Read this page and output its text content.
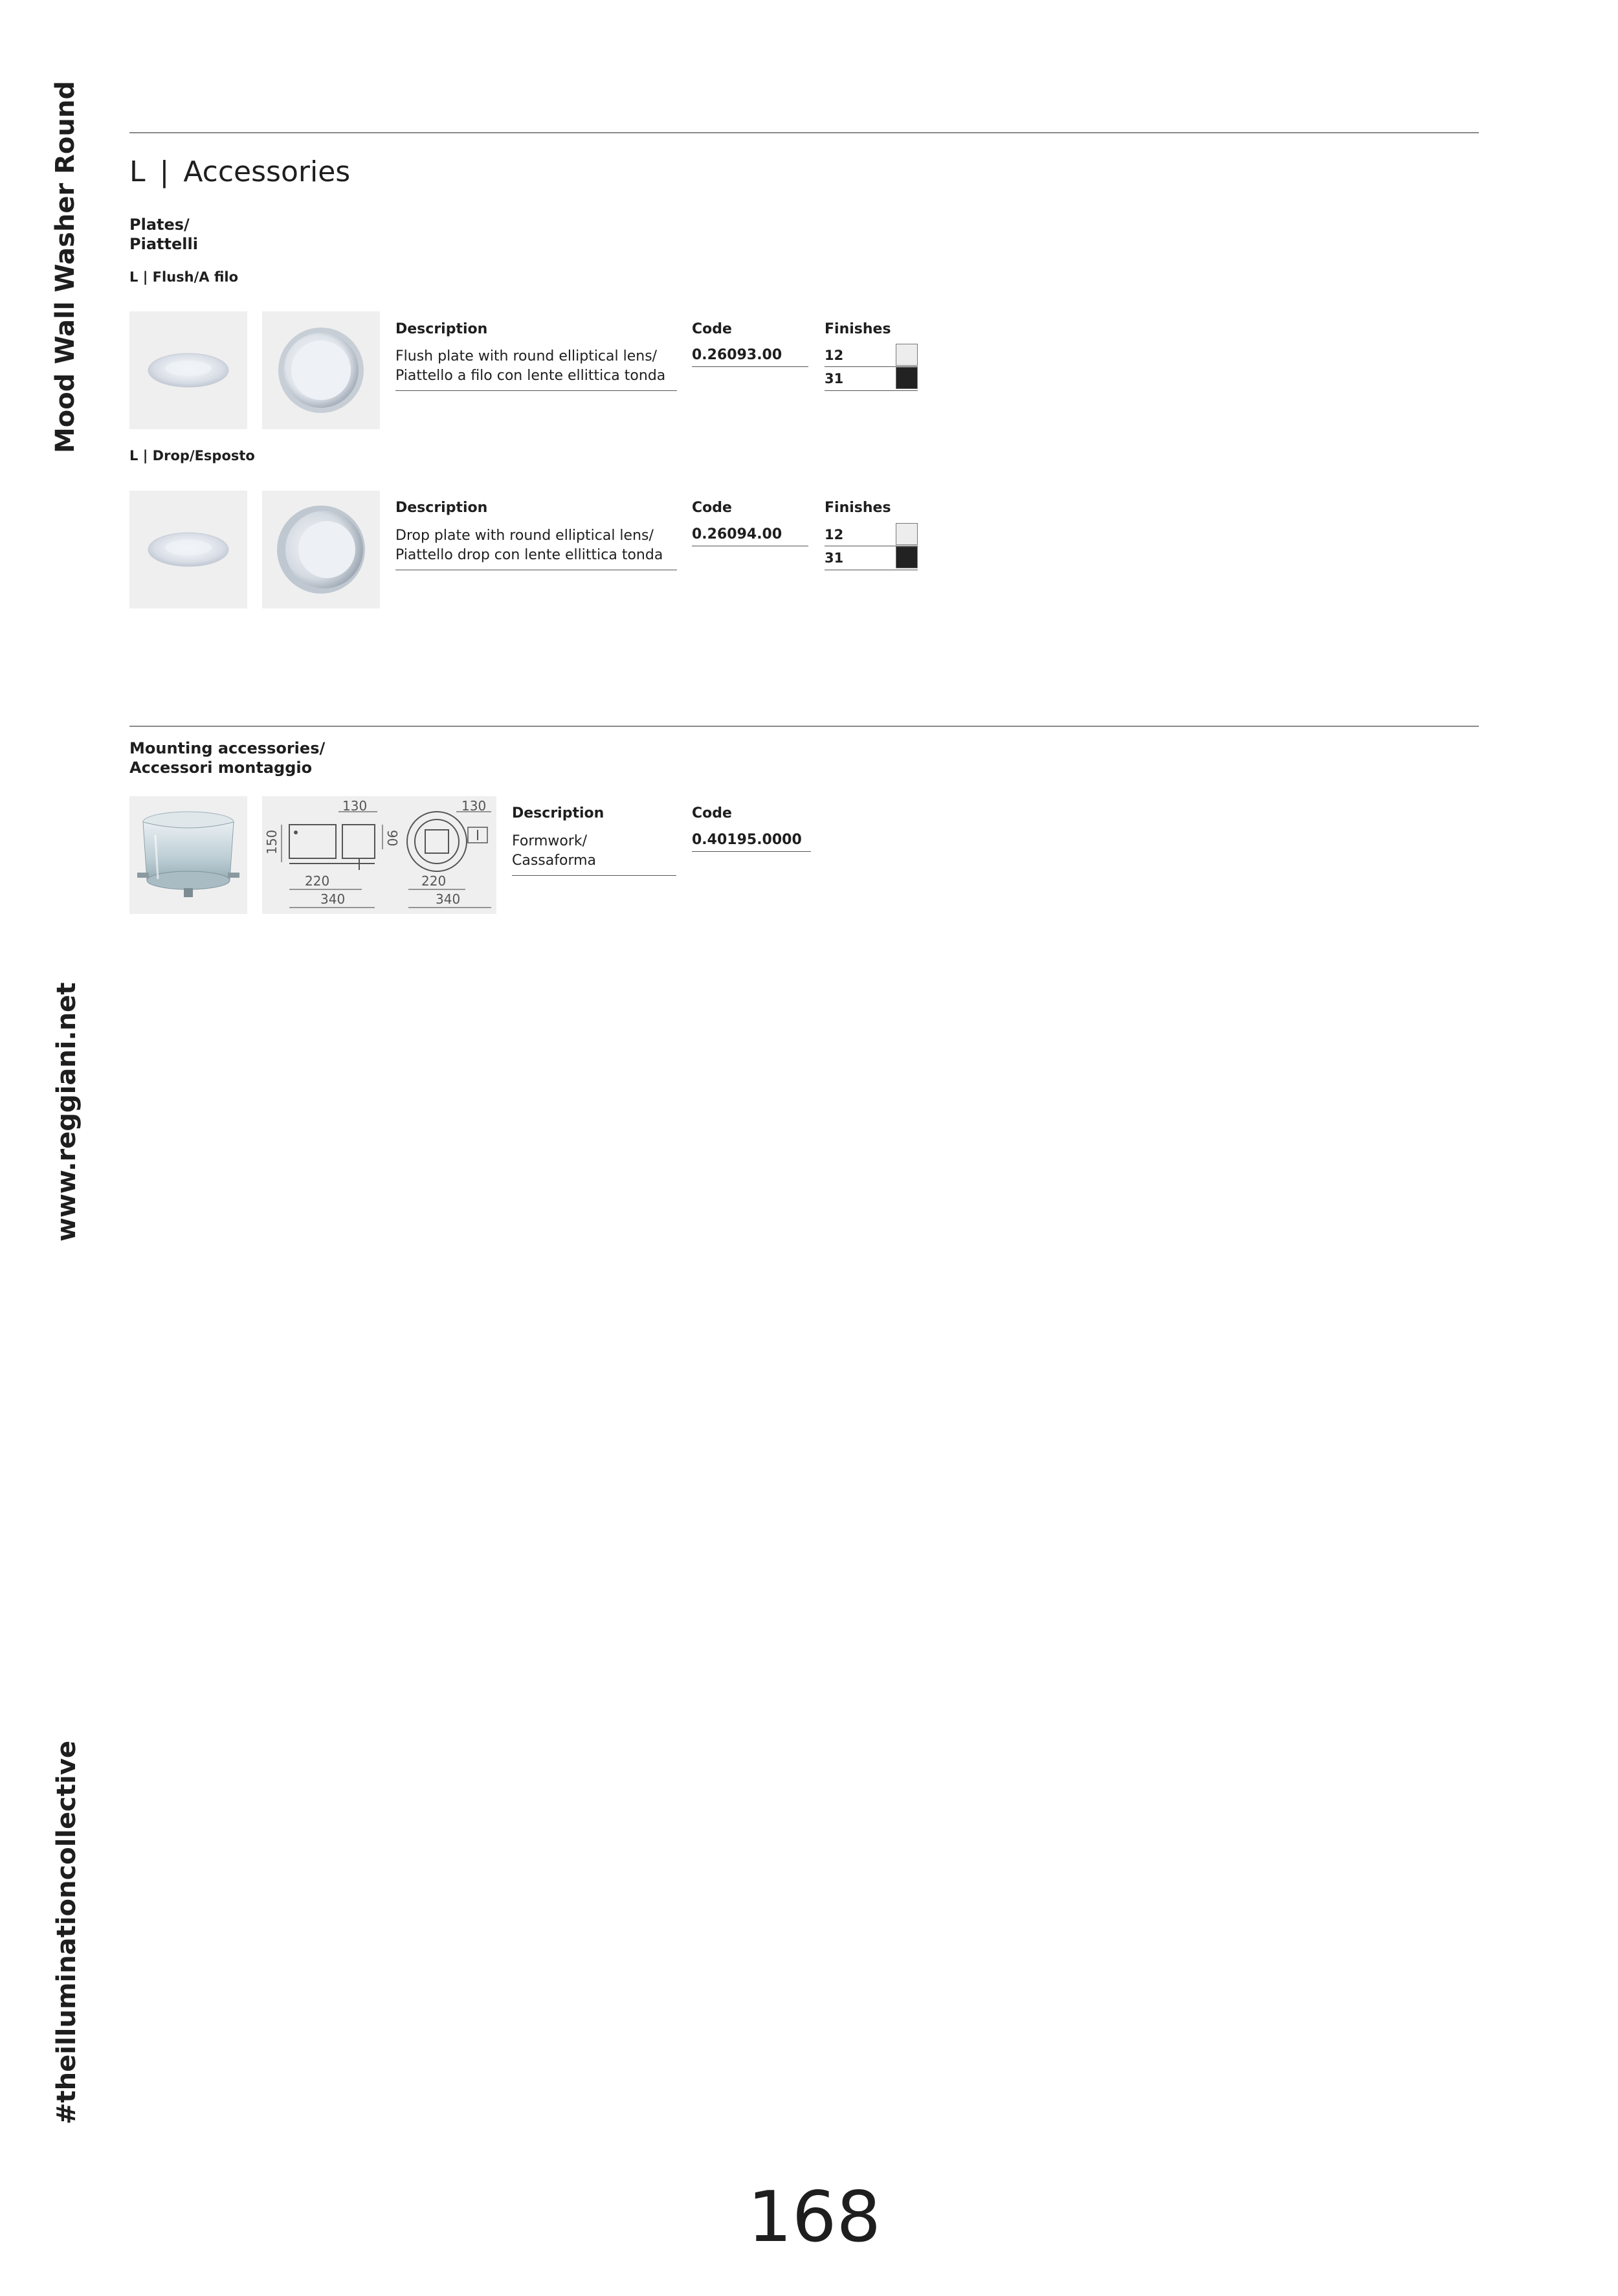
Mood Wall Washer Round
www.reggiani.net
#theilluminationcollective
L | Accessories
Plates/
Piattelli
L | Flush/A filo
Description	Code	Finishes
Flush plate with round elliptical lens/
Piattello a filo con lente ellittica tonda
0.26093.00	12
31
L | Drop/Esposto
Description	Code	Finishes
Drop plate with round elliptical lens/
Piattello drop con lente ellittica tonda
0.26094.00	12
31
Mounting accessories/
Accessori montaggio
130
150	90
220
340
130
220
340
Description	Code
Formwork/
Cassaforma
0.40195.0000
168
